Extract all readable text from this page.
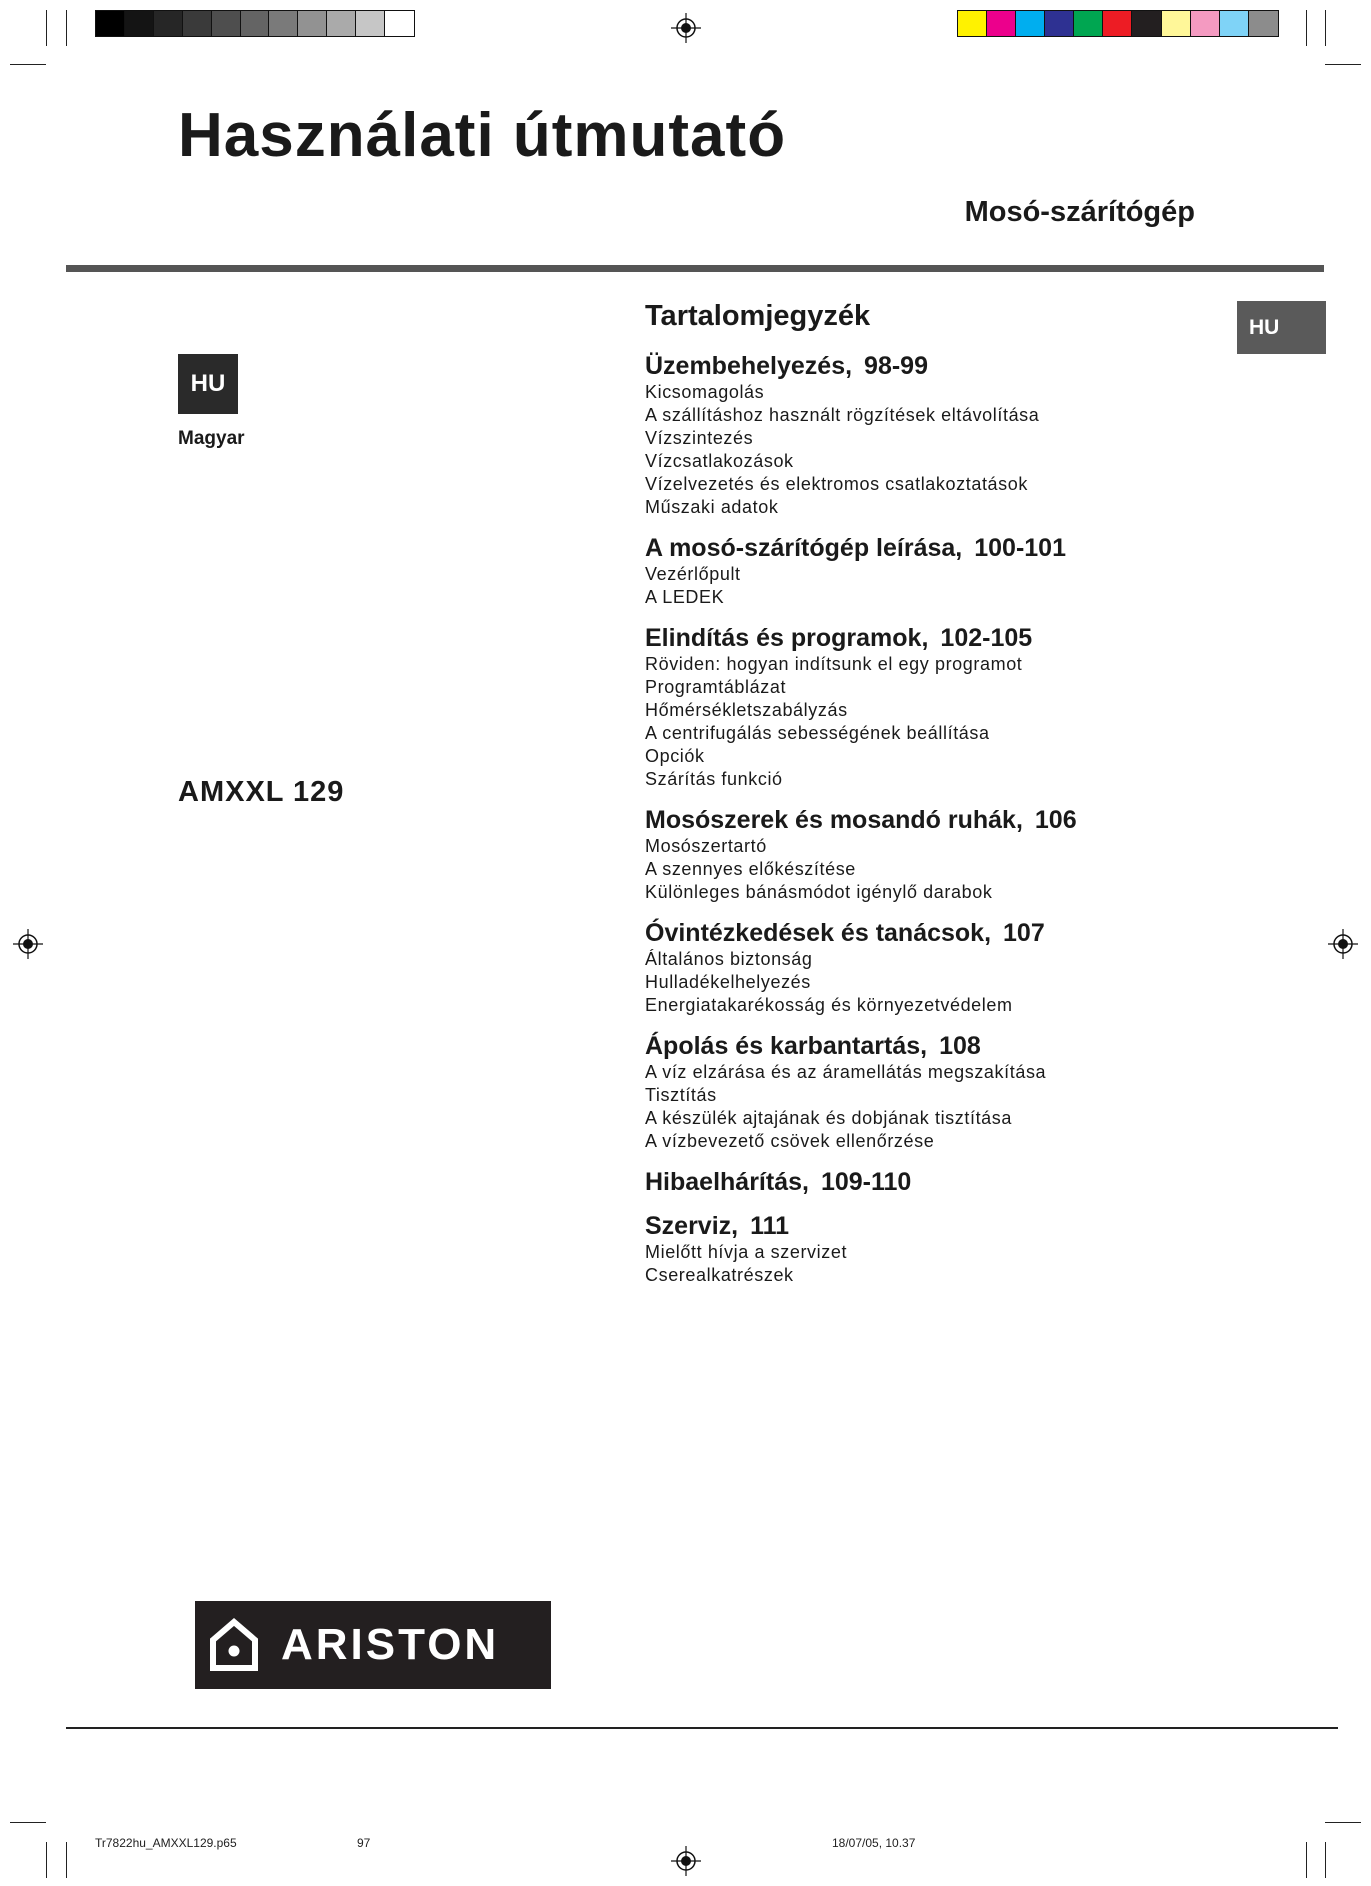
Használati útmutató
Mosó-szárítógép
HU
Magyar
AMXXL 129
HU
Tartalomjegyzék
Üzembehelyezés, 98-99
Kicsomagolás
A szállításhoz használt rögzítések eltávolítása
Vízszintezés
Vízcsatlakozások
Vízelvezetés és elektromos csatlakoztatások
Műszaki adatok
A mosó-szárítógép leírása, 100-101
Vezérlőpult
A LEDEK
Elindítás és programok, 102-105
Röviden: hogyan indítsunk el egy programot
Programtáblázat
Hőmérsékletszabályzás
A centrifugálás sebességének beállítása
Opciók
Szárítás funkció
Mosószerek és mosandó ruhák, 106
Mosószertartó
A szennyes előkészítése
Különleges bánásmódot igénylő darabok
Óvintézkedések és tanácsok, 107
Általános biztonság
Hulladékelhelyezés
Energiatakarékosság és környezetvédelem
Ápolás és karbantartás, 108
A víz elzárása és az áramellátás megszakítása
Tisztítás
A készülék ajtajának és dobjának tisztítása
A vízbevezető csövek ellenőrzése
Hibaelhárítás, 109-110
Szerviz, 111
Mielőtt hívja a szervizet
Cserealkatrészek
ARISTON
Tr7822hu_AMXXL129.p65	97	18/07/05, 10.37
